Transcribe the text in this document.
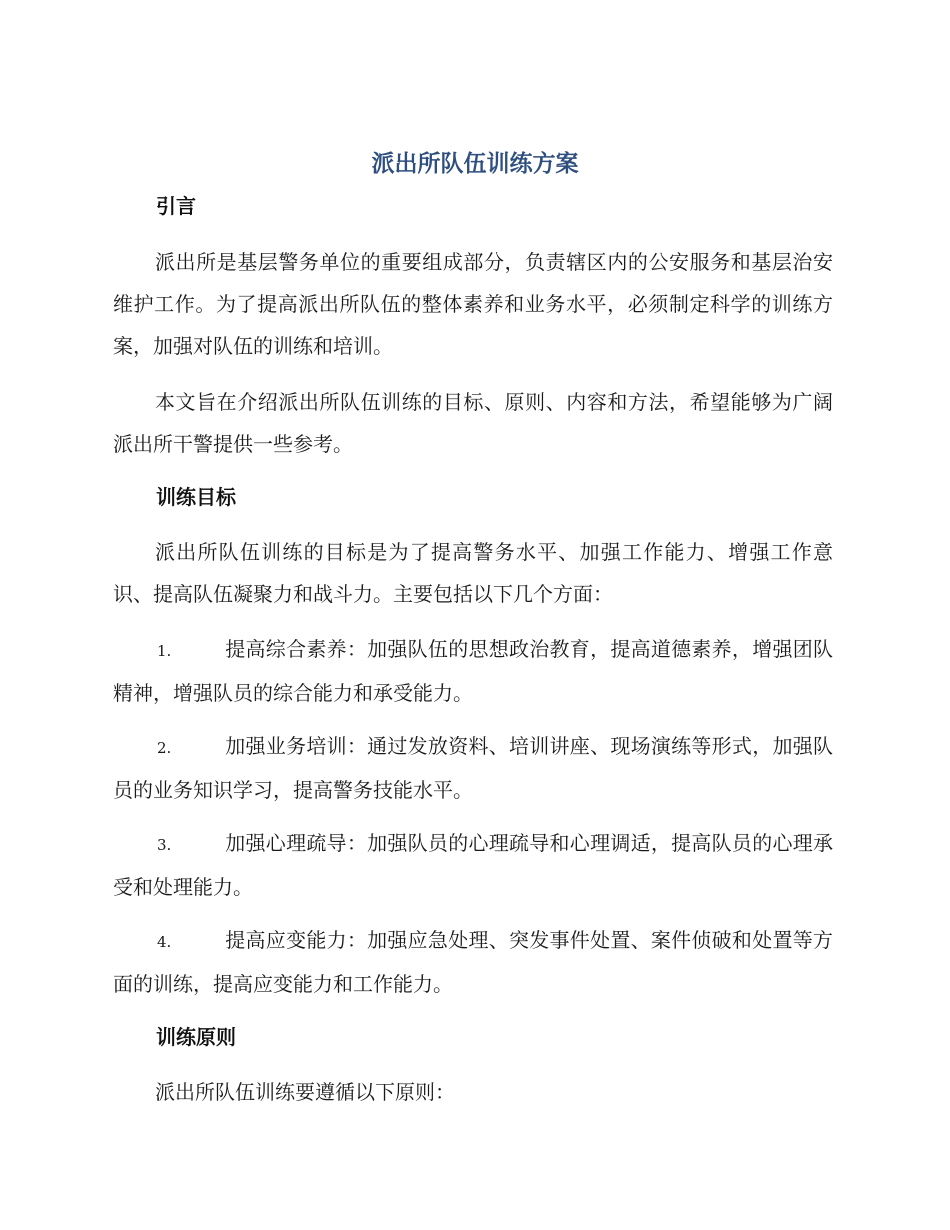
派出所队伍训练方案
引言

派出所是基层警务单位的重要组成部分，负责辖区内的公安服务和基层治安维护工作。为了提高派出所队伍的整体素养和业务水平，必须制定科学的训练方案，加强对队伍的训练和培训。

本文旨在介绍派出所队伍训练的目标、原则、内容和方法，希望能够为广阔派出所干警提供一些参考。

训练目标

派出所队伍训练的目标是为了提高警务水平、加强工作能力、增强工作意识、提高队伍凝聚力和战斗力。主要包括以下几个方面：

1.	提高综合素养：加强队伍的思想政治教育，提高道德素养，增强团队精神，增强队员的综合能力和承受能力。

2.	加强业务培训：通过发放资料、培训讲座、现场演练等形式，加强队员的业务知识学习，提高警务技能水平。

3.	加强心理疏导：加强队员的心理疏导和心理调适，提高队员的心理承受和处理能力。

4.	提高应变能力：加强应急处理、突发事件处置、案件侦破和处置等方面的训练，提高应变能力和工作能力。

训练原则

派出所队伍训练要遵循以下原则：
